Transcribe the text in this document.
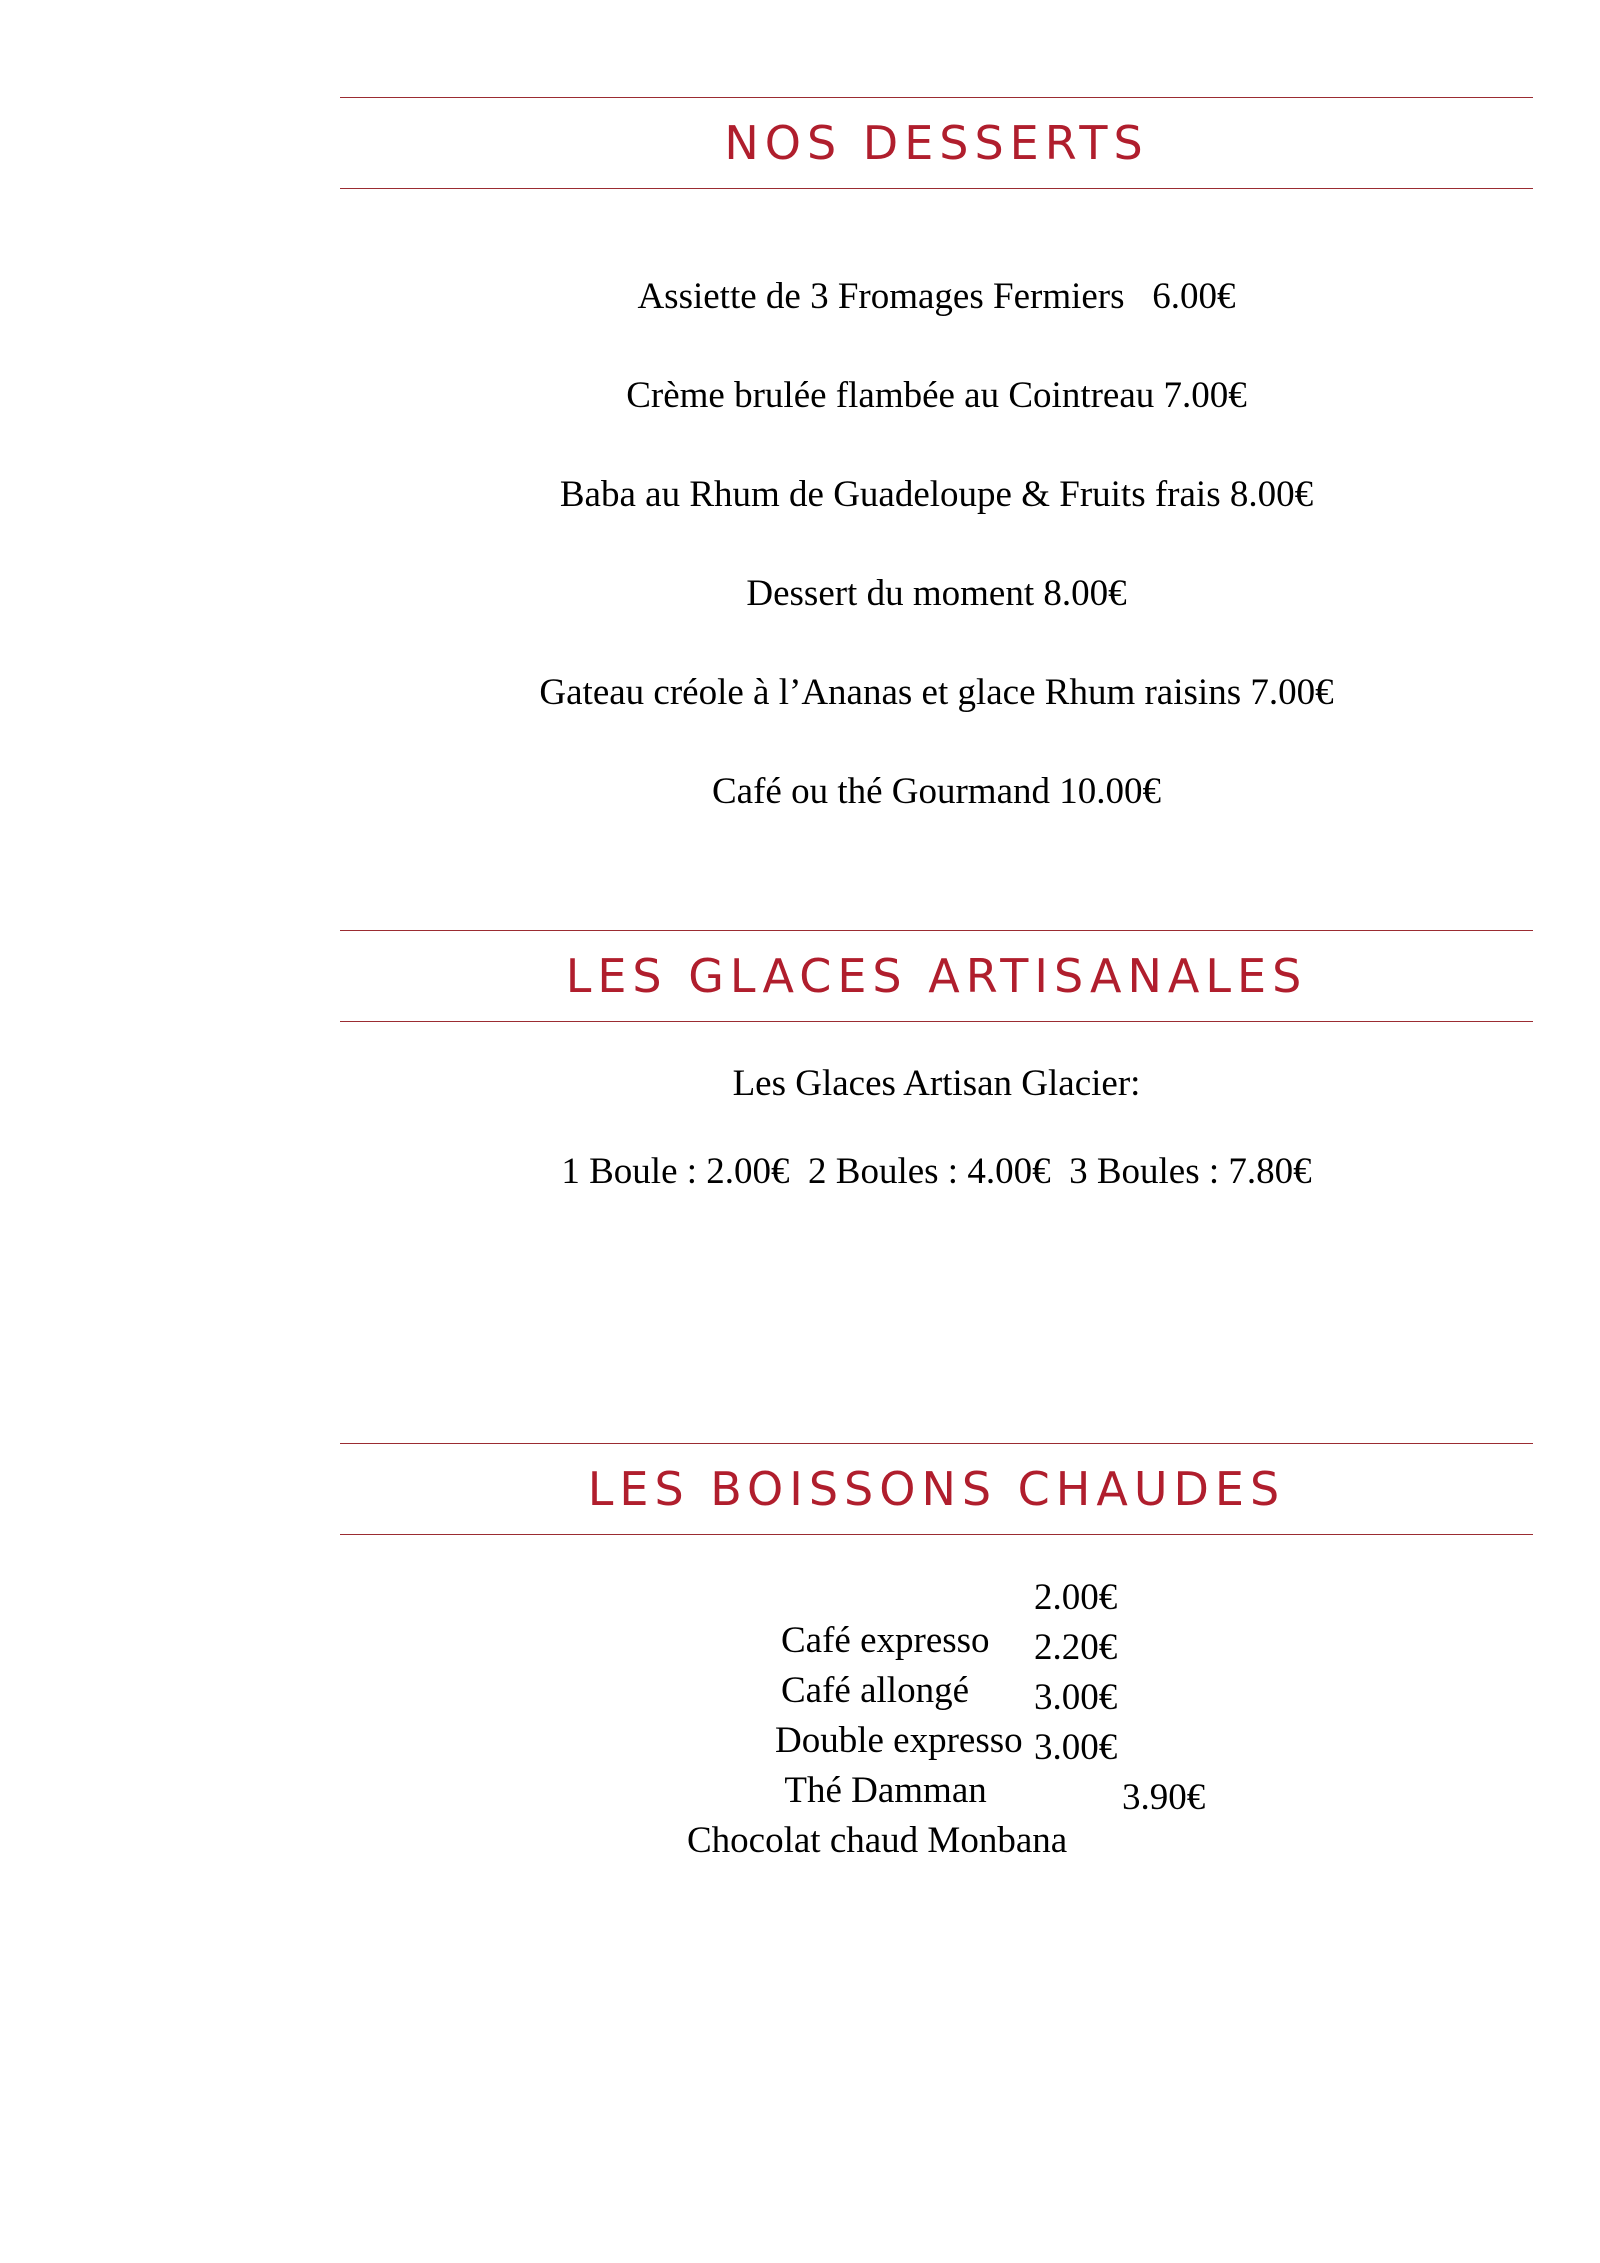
NOS DESSERTS
Assiette de 3 Fromages Fermiers   6.00€
Crème brulée flambée au Cointreau 7.00€
Baba au Rhum de Guadeloupe & Fruits frais 8.00€
Dessert du moment 8.00€
Gateau créole à l’Ananas et glace Rhum raisins 7.00€
Café ou thé Gourmand 10.00€
LES GLACES ARTISANALES
Les Glaces Artisan Glacier:
1 Boule : 2.00€  2 Boules : 4.00€  3 Boules : 7.80€
LES BOISSONS CHAUDES

Café expresso

2.00€

Café allongé

2.20€

Double expresso

3.00€

Thé Damman

3.00€

Chocolat chaud Monbana

3.90€
